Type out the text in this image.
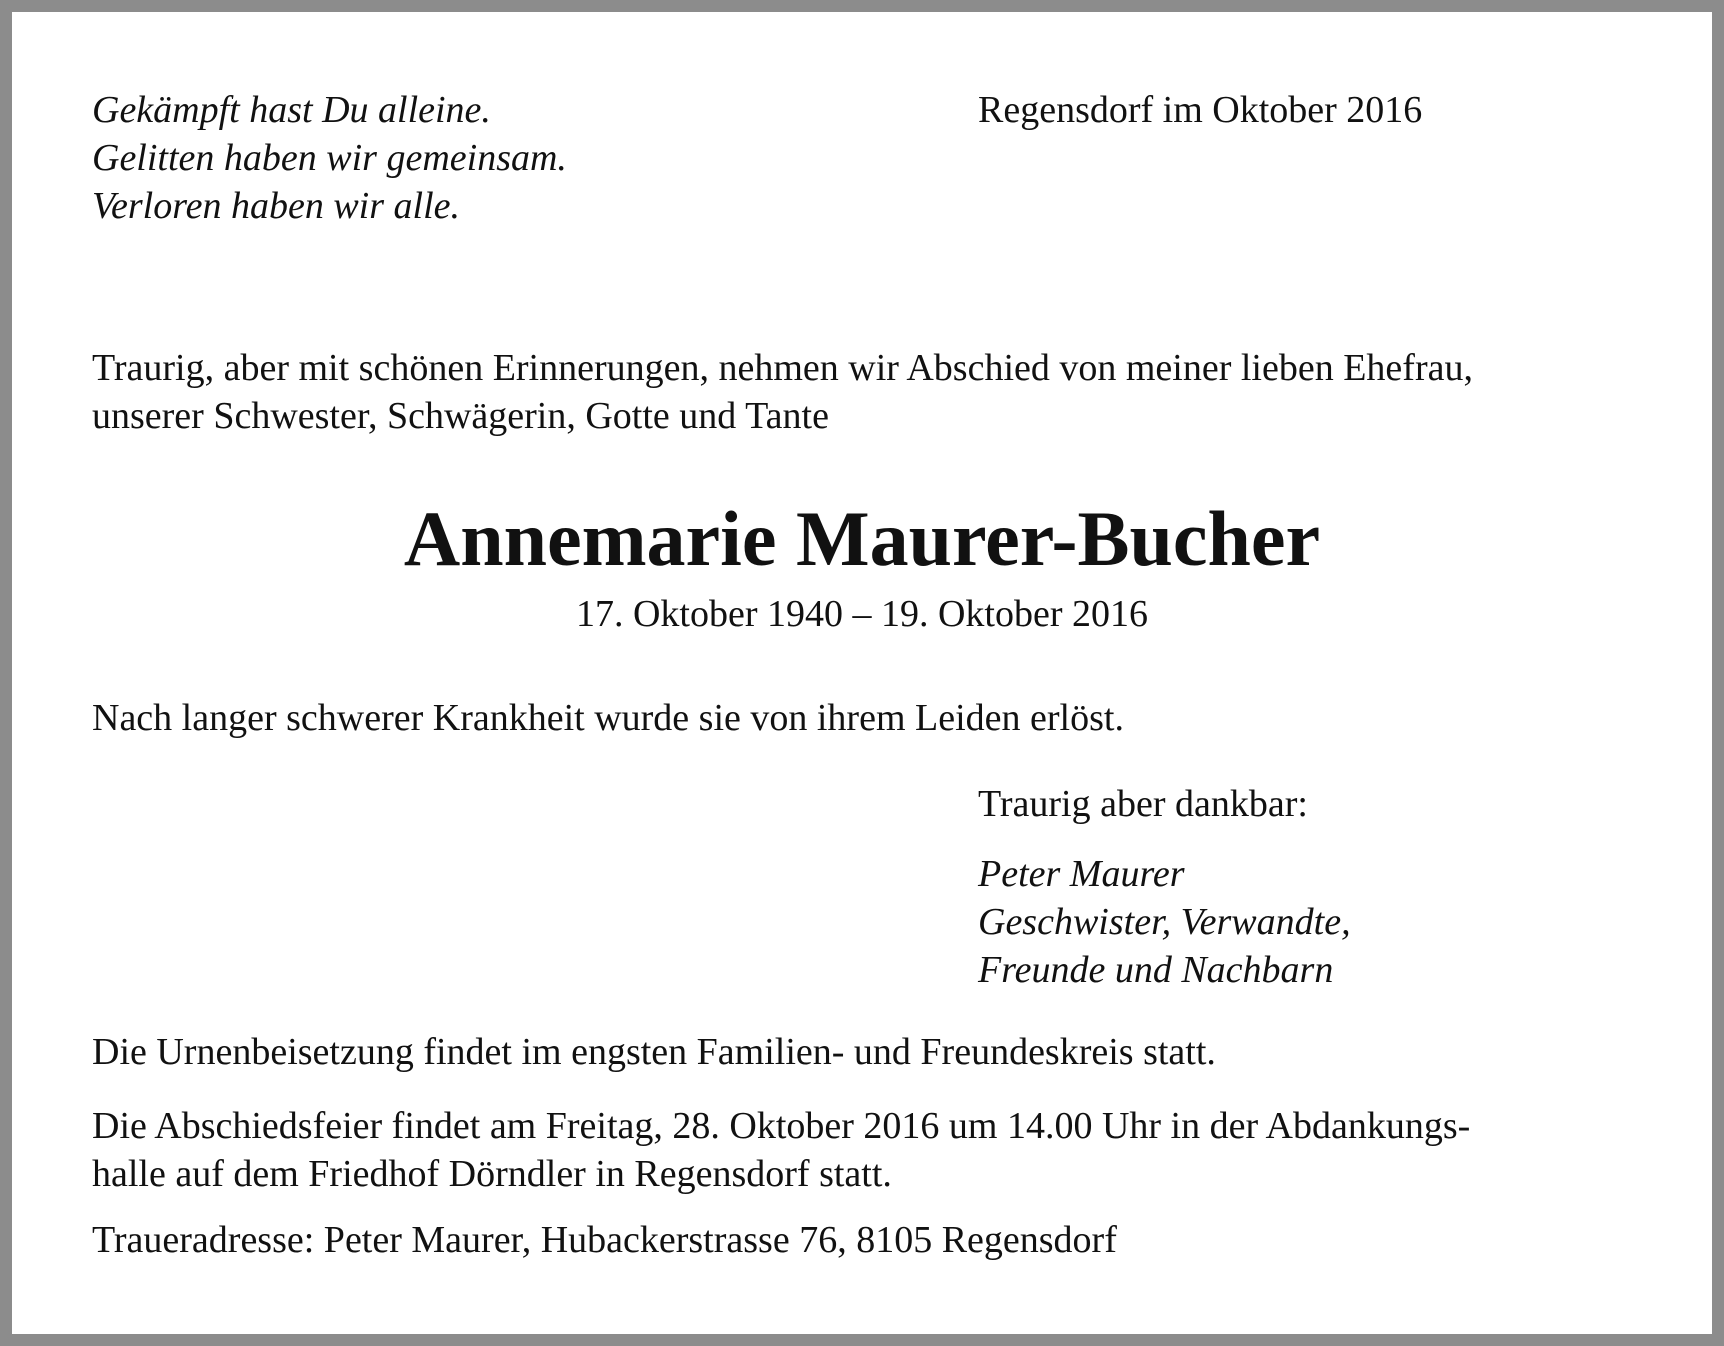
Gekämpft hast Du alleine.
Gelitten haben wir gemeinsam.
Verloren haben wir alle.
Regensdorf im Oktober 2016
Traurig, aber mit schönen Erinnerungen, nehmen wir Abschied von meiner lieben Ehefrau,
unserer Schwester, Schwägerin, Gotte und Tante
Annemarie Maurer-Bucher
17. Oktober 1940 – 19. Oktober 2016
Nach langer schwerer Krankheit wurde sie von ihrem Leiden erlöst.
Traurig aber dankbar:
Peter Maurer
Geschwister, Verwandte,
Freunde und Nachbarn
Die Urnenbeisetzung findet im engsten Familien- und Freundeskreis statt.
Die Abschiedsfeier findet am Freitag, 28. Oktober 2016 um 14.00 Uhr in der Abdankungs-
halle auf dem Friedhof Dörndler in Regensdorf statt.
Traueradresse: Peter Maurer, Hubackerstrasse 76, 8105 Regensdorf
